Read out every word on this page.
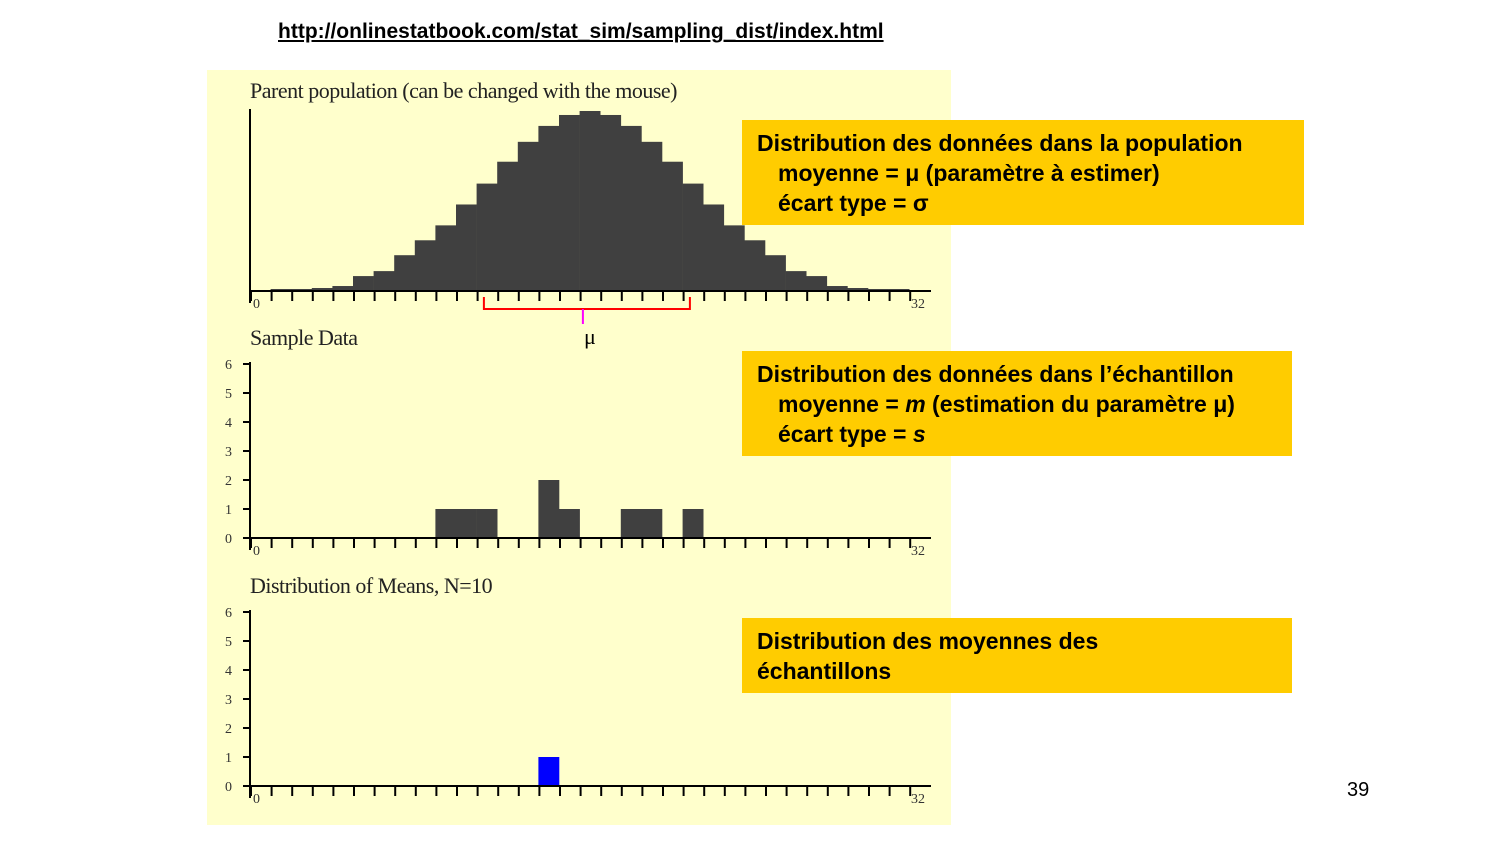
http://onlinestatbook.com/stat_sim/sampling_dist/index.html
Parent population (can be changed with the mouse)
Sample Data
Distribution of Means, N=10
μ
0	32
0	32
0
1
2
3
4
5
6
0	32
0
1
2
3
4
5
6
Distribution des données dans la population
moyenne = μ (paramètre à estimer)
écart type = σ
Distribution des données dans l’échantillon
moyenne = m (estimation du paramètre μ)
écart type = s
Distribution des moyennes des
échantillons
39
